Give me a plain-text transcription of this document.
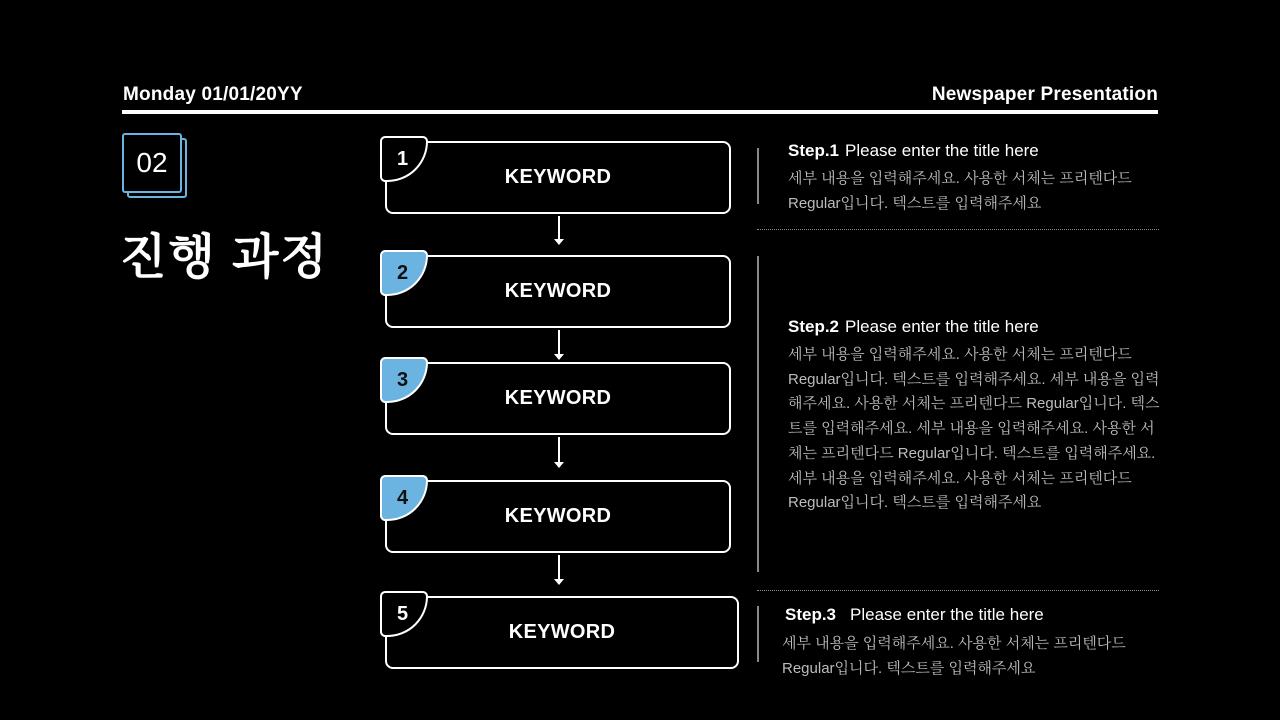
Monday 01/01/20YY	Newspaper Presentation
02
진행 과정
KEYWORD
1
KEYWORD
2
KEYWORD
3
KEYWORD
4
KEYWORD
5
Step.1 Please enter the title here
세부 내용을 입력해주세요. 사용한 서체는 프리텐다드 Regular입니다. 텍스트를 입력해주세요
Step.2 Please enter the title here
세부 내용을 입력해주세요. 사용한 서체는 프리텐다드 Regular입니다. 텍스트를 입력해주세요. 세부 내용을 입력해주세요. 사용한 서체는 프리텐다드 Regular입니다. 텍스트를 입력해주세요. 세부 내용을 입력해주세요. 사용한 서체는 프리텐다드 Regular입니다. 텍스트를 입력해주세요. 세부 내용을 입력해주세요. 사용한 서체는 프리텐다드 Regular입니다. 텍스트를 입력해주세요
Step.3 Please enter the title here
세부 내용을 입력해주세요. 사용한 서체는 프리텐다드 Regular입니다. 텍스트를 입력해주세요
